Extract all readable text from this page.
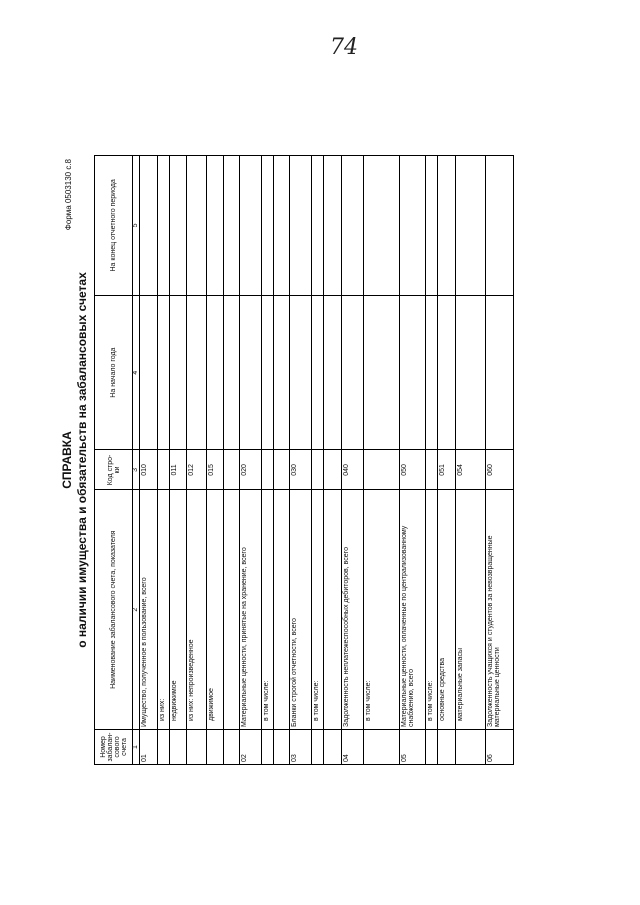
74
Форма 0503130 с.8
СПРАВКА о наличии имущества и обязательств на забалансовых счетах
Номер забалан-сового счета	Наименование забалансового счета, показателя	Код стро-ки	На начало года	На конец отчетного периода
1	2	3	4	5
01	Имущество, полученное в пользование, всего	010		
	из них:			
	недвижимое	011		
	из них: непроизведенное	012		
	движимое	015		

02	Материальные ценности, принятые на хранение, всего	020		
	в том числе:			

03	Бланки строгой отчетности, всего	030		
	в том числе:			

04	Задолженность неплатежеспособных дебиторов, всего	040		
	в том числе:			
05	Материальные ценности, оплаченные по централизованному снабжению, всего	050		
	в том числе:			
	основные средства	051		
	материальные запасы	054		
06	Задолженность учащихся и студентов за невозвращенные материальные ценности	060		
